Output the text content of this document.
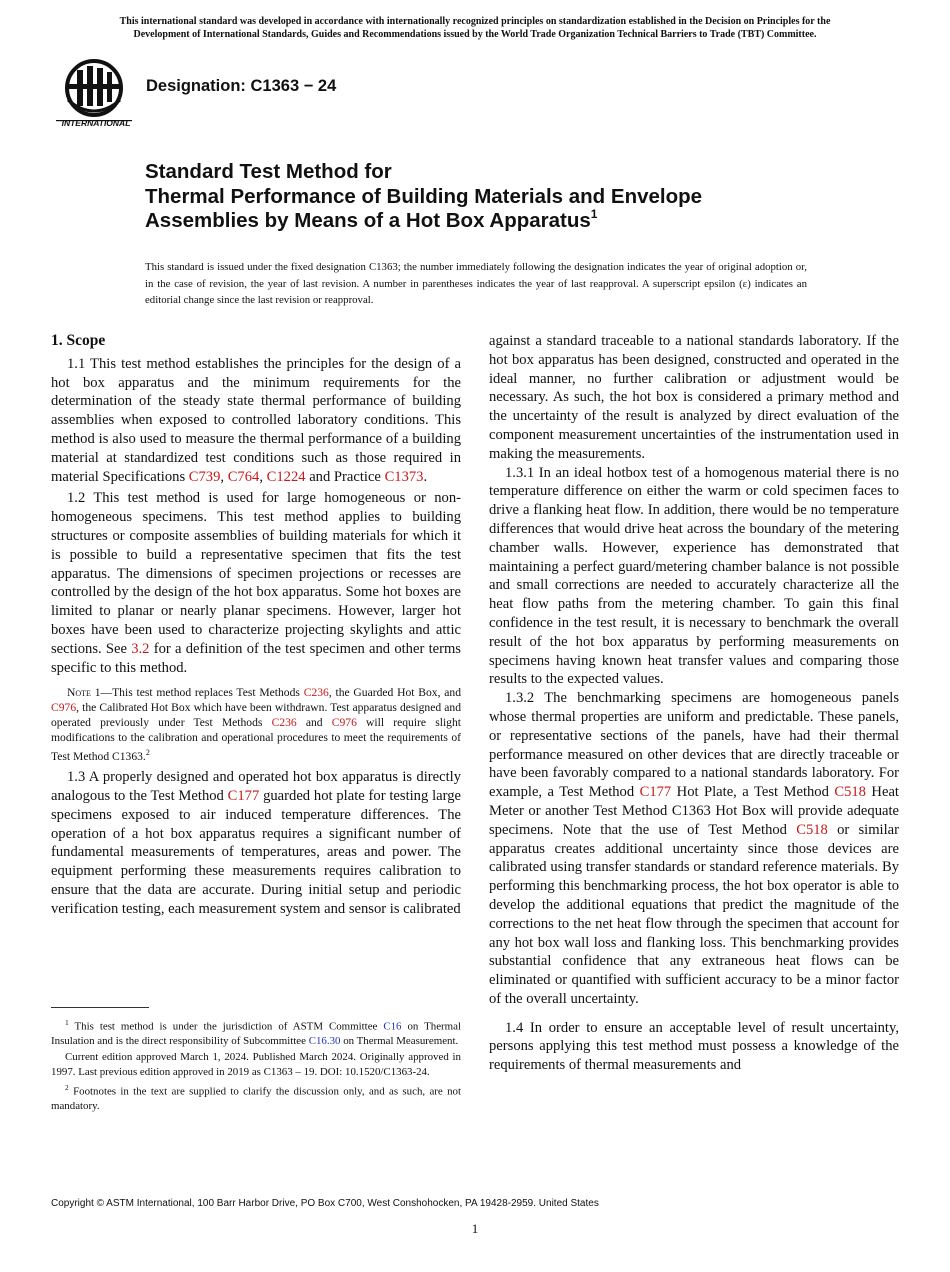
This international standard was developed in accordance with internationally recognized principles on standardization established in the Decision on Principles for the
Development of International Standards, Guides and Recommendations issued by the World Trade Organization Technical Barriers to Trade (TBT) Committee.
INTERNATIONAL
Designation: C1363 − 24
Standard Test Method for
Thermal Performance of Building Materials and Envelope
Assemblies by Means of a Hot Box Apparatus$^1$
This standard is issued under the fixed designation C1363; the number immediately following the designation indicates the year of original adoption or, in the case of revision, the year of last revision. A number in parentheses indicates the year of last reapproval. A superscript epsilon (ε) indicates an editorial change since the last revision or reapproval.
1. Scope

1.1 This test method establishes the principles for the design of a hot box apparatus and the minimum requirements for the determination of the steady state thermal performance of building assemblies when exposed to controlled laboratory conditions. This method is also used to measure the thermal performance of a building material at standardized test conditions such as those required in material Specifications C739, C764, C1224 and Practice C1373.

1.2 This test method is used for large homogeneous or non-homogeneous specimens. This test method applies to building structures or composite assemblies of building materials for which it is possible to build a representative specimen that fits the test apparatus. The dimensions of specimen projections or recesses are controlled by the design of the hot box apparatus. Some hot boxes are limited to planar or nearly planar specimens. However, larger hot boxes have been used to characterize projecting skylights and attic sections. See 3.2 for a definition of the test specimen and other terms specific to this method.

Note 1—This test method replaces Test Methods C236, the Guarded Hot Box, and C976, the Calibrated Hot Box which have been withdrawn. Test apparatus designed and operated previously under Test Methods C236 and C976 will require slight modifications to the calibration and operational procedures to meet the requirements of Test Method C1363.$^2$

1.3 A properly designed and operated hot box apparatus is directly analogous to the Test Method C177 guarded hot plate for testing large specimens exposed to air induced temperature differences. The operation of a hot box apparatus requires a significant number of fundamental measurements of temperatures, areas and power. The equipment performing these measurements requires calibration to ensure that the data are accurate. During initial setup and periodic verification testing, each measurement system and sensor is calibrated

$^1$ This test method is under the jurisdiction of ASTM Committee C16 on Thermal Insulation and is the direct responsibility of Subcommittee C16.30 on Thermal Measurement.

Current edition approved March 1, 2024. Published March 2024. Originally approved in 1997. Last previous edition approved in 2019 as C1363 – 19. DOI: 10.1520/C1363-24.

$^2$ Footnotes in the text are supplied to clarify the discussion only, and as such, are not mandatory.

against a standard traceable to a national standards laboratory. If the hot box apparatus has been designed, constructed and operated in the ideal manner, no further calibration or adjustment would be necessary. As such, the hot box is considered a primary method and the uncertainty of the result is analyzed by direct evaluation of the component measurement uncertainties of the instrumentation used in making the measurements.

1.3.1 In an ideal hotbox test of a homogenous material there is no temperature difference on either the warm or cold specimen faces to drive a flanking heat flow. In addition, there would be no temperature differences that would drive heat across the boundary of the metering chamber walls. However, experience has demonstrated that maintaining a perfect guard/metering chamber balance is not possible and small corrections are needed to accurately characterize all the heat flow paths from the metering chamber. To gain this final confidence in the test result, it is necessary to benchmark the overall result of the hot box apparatus by performing measurements on specimens having known heat transfer values and comparing those results to the expected values.

1.3.2 The benchmarking specimens are homogeneous panels whose thermal properties are uniform and predictable. These panels, or representative sections of the panels, have had their thermal performance measured on other devices that are directly traceable or have been favorably compared to a national standards laboratory. For example, a Test Method C177 Hot Plate, a Test Method C518 Heat Meter or another Test Method C1363 Hot Box will provide adequate specimens. Note that the use of Test Method C518 or similar apparatus creates additional uncertainty since those devices are calibrated using transfer standards or standard reference materials. By performing this benchmarking process, the hot box operator is able to develop the additional equations that predict the magnitude of the corrections to the net heat flow through the specimen that account for any hot box wall loss and flanking loss. This benchmarking provides substantial confidence that any extraneous heat flows can be eliminated or quantified with sufficient accuracy to be a minor factor of the overall uncertainty.

1.4 In order to ensure an acceptable level of result uncertainty, persons applying this test method must possess a knowledge of the requirements of thermal measurements and

Copyright © ASTM International, 100 Barr Harbor Drive, PO Box C700, West Conshohocken, PA 19428-2959. United States
1
